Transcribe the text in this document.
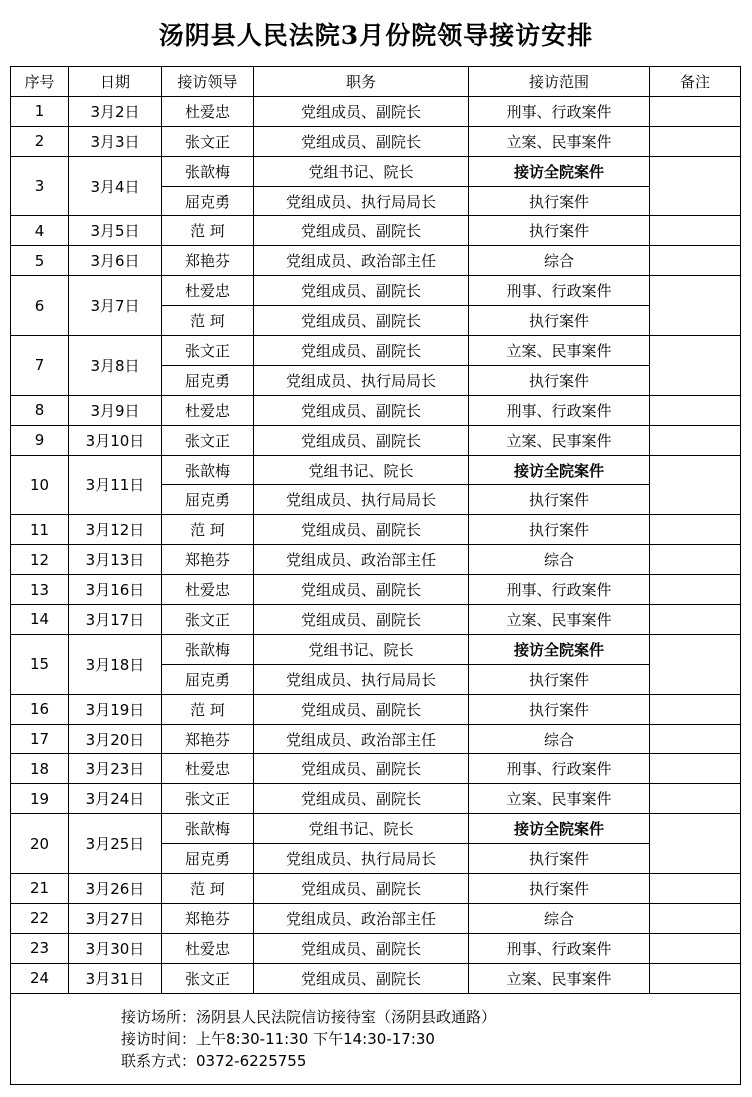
汤阴县人民法院3月份院领导接访安排
序号	日期	接访领导	职务	接访范围	备注
1	3月2日	杜爱忠	党组成员、副院长	刑事、行政案件	
2	3月3日	张文正	党组成员、副院长	立案、民事案件	
3	3月4日	张歆梅	党组书记、院长	接访全院案件	
		屈克勇	党组成员、执行局局长	执行案件	
4	3月5日	范 珂	党组成员、副院长	执行案件	
5	3月6日	郑艳芬	党组成员、政治部主任	综合	
6	3月7日	杜爱忠	党组成员、副院长	刑事、行政案件	
		范 珂	党组成员、副院长	执行案件	
7	3月8日	张文正	党组成员、副院长	立案、民事案件	
		屈克勇	党组成员、执行局局长	执行案件	
8	3月9日	杜爱忠	党组成员、副院长	刑事、行政案件	
9	3月10日	张文正	党组成员、副院长	立案、民事案件	
10	3月11日	张歆梅	党组书记、院长	接访全院案件	
		屈克勇	党组成员、执行局局长	执行案件	
11	3月12日	范 珂	党组成员、副院长	执行案件	
12	3月13日	郑艳芬	党组成员、政治部主任	综合	
13	3月16日	杜爱忠	党组成员、副院长	刑事、行政案件	
14	3月17日	张文正	党组成员、副院长	立案、民事案件	
15	3月18日	张歆梅	党组书记、院长	接访全院案件	
		屈克勇	党组成员、执行局局长	执行案件	
16	3月19日	范 珂	党组成员、副院长	执行案件	
17	3月20日	郑艳芬	党组成员、政治部主任	综合	
18	3月23日	杜爱忠	党组成员、副院长	刑事、行政案件	
19	3月24日	张文正	党组成员、副院长	立案、民事案件	
20	3月25日	张歆梅	党组书记、院长	接访全院案件	
		屈克勇	党组成员、执行局局长	执行案件	
21	3月26日	范 珂	党组成员、副院长	执行案件	
22	3月27日	郑艳芬	党组成员、政治部主任	综合	
23	3月30日	杜爱忠	党组成员、副院长	刑事、行政案件	
24	3月31日	张文正	党组成员、副院长	立案、民事案件	

接访场所：汤阴县人民法院信访接待室（汤阴县政通路）
接访时间：上午8:30-11:30 下午14:30-17:30
联系方式：0372-6225755					
